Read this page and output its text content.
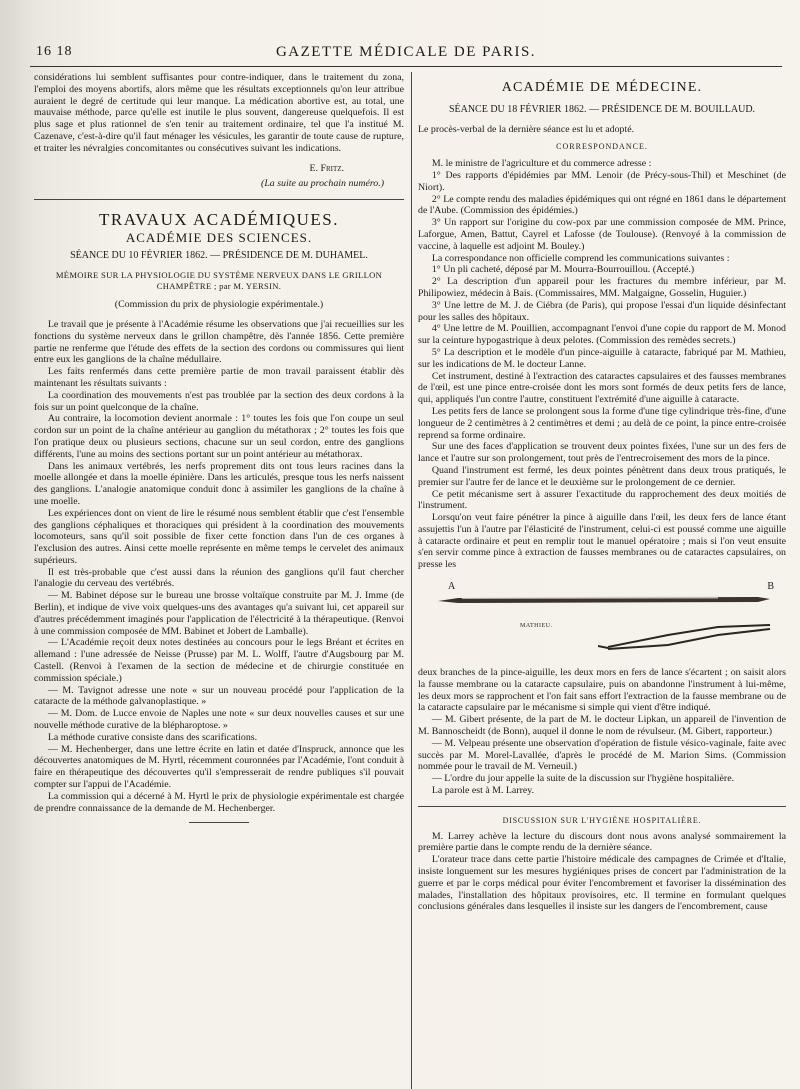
16 18	GAZETTE MÉDICALE DE PARIS.

considérations lui semblent suffisantes pour contre-indiquer, dans le traitement du zona, l'emploi des moyens abortifs, alors même que les résultats exceptionnels qu'on leur attribue auraient le degré de certitude qui leur manque. La médication abortive est, au total, une mauvaise méthode, parce qu'elle est inutile le plus souvent, dangereuse quelquefois. Il est plus sage et plus rationnel de s'en tenir au traitement ordinaire, tel que l'a institué M. Cazenave, c'est-à-dire qu'il faut ménager les vésicules, les garantir de toute cause de rupture, et traiter les névralgies concomitantes ou consécutives suivant les indications.

E. Fritz.

(La suite au prochain numéro.)

TRAVAUX ACADÉMIQUES.
ACADÉMIE DES SCIENCES.
SÉANCE DU 10 FÉVRIER 1862. — PRÉSIDENCE DE M. DUHAMEL.
MÉMOIRE SUR LA PHYSIOLOGIE DU SYSTÈME NERVEUX DANS LE GRILLON CHAMPÊTRE ; par M. YERSIN.
(Commission du prix de physiologie expérimentale.)

Le travail que je présente à l'Académie résume les observations que j'ai recueillies sur les fonctions du système nerveux dans le grillon champêtre, dès l'année 1856. Cette première partie ne renferme que l'étude des effets de la section des cordons ou commissures qui lient entre eux les ganglions de la chaîne médullaire.

Les faits renfermés dans cette première partie de mon travail paraissent établir dès maintenant les résultats suivants :

La coordination des mouvements n'est pas troublée par la section des deux cordons à la fois sur un point quelconque de la chaîne.

Au contraire, la locomotion devient anormale : 1° toutes les fois que l'on coupe un seul cordon sur un point de la chaîne antérieur au ganglion du métathorax ; 2° toutes les fois que l'on pratique deux ou plusieurs sections, chacune sur un seul cordon, entre des ganglions différents, l'une au moins des sections portant sur un point antérieur au métathorax.

Dans les animaux vertébrés, les nerfs proprement dits ont tous leurs racines dans la moelle allongée et dans la moelle épinière. Dans les articulés, presque tous les nerfs naissent des ganglions. L'analogie anatomique conduit donc à assimiler les ganglions de la chaîne à une moelle.

Les expériences dont on vient de lire le résumé nous semblent établir que c'est l'ensemble des ganglions céphaliques et thoraciques qui président à la coordination des mouvements locomoteurs, sans qu'il soit possible de fixer cette fonction dans l'un de ces organes à l'exclusion des autres. Ainsi cette moelle représente en même temps le cervelet des animaux supérieurs.

Il est très-probable que c'est aussi dans la réunion des ganglions qu'il faut chercher l'analogie du cerveau des vertébrés.

— M. Babinet dépose sur le bureau une brosse voltaïque construite par M. J. Imme (de Berlin), et indique de vive voix quelques-uns des avantages qu'a suivant lui, cet appareil sur d'autres précédemment imaginés pour l'application de l'électricité à la thérapeutique. (Renvoi à une commission composée de MM. Babinet et Jobert de Lamballe).

— L'Académie reçoit deux notes destinées au concours pour le legs Bréant et écrites en allemand : l'une adressée de Neisse (Prusse) par M. L. Wolff, l'autre d'Augsbourg par M. Castell. (Renvoi à l'examen de la section de médecine et de chirurgie constituée en commission spéciale.)

— M. Tavignot adresse une note « sur un nouveau procédé pour l'application de la cataracte de la méthode galvanoplastique. »

— M. Dom. de Lucce envoie de Naples une note « sur deux nouvelles causes et sur une nouvelle méthode curative de la blépharoptose. »

La méthode curative consiste dans des scarifications.

— M. Hechenberger, dans une lettre écrite en latin et datée d'Inspruck, annonce que les découvertes anatomiques de M. Hyrtl, récemment couronnées par l'Académie, l'ont conduit à faire en thérapeutique des découvertes qu'il s'empresserait de rendre publiques s'il pouvait compter sur l'appui de l'Académie.

La commission qui a décerné à M. Hyrtl le prix de physiologie expérimentale est chargée de prendre connaissance de la demande de M. Hechenberger.

ACADÉMIE DE MÉDECINE.
SÉANCE DU 18 FÉVRIER 1862. — PRÉSIDENCE DE M. BOUILLAUD.

Le procès-verbal de la dernière séance est lu et adopté.

CORRESPONDANCE.

M. le ministre de l'agriculture et du commerce adresse :

1° Des rapports d'épidémies par MM. Lenoir (de Précy-sous-Thil) et Meschinet (de Niort).

2° Le compte rendu des maladies épidémiques qui ont régné en 1861 dans le département de l'Aube. (Commission des épidémies.)

3° Un rapport sur l'origine du cow-pox par une commission composée de MM. Prince, Laforgue, Amen, Battut, Cayrel et Lafosse (de Toulouse). (Renvoyé à la commission de vaccine, à laquelle est adjoint M. Bouley.)

La correspondance non officielle comprend les communications suivantes :

1° Un pli cacheté, déposé par M. Mourra-Bourrouillou. (Accepté.)

2° La description d'un appareil pour les fractures du membre inférieur, par M. Philipowiez, médecin à Bais. (Commissaires, MM. Malgaigne, Gosselin, Huguier.)

3° Une lettre de M. J. de Ciébra (de Paris), qui propose l'essai d'un liquide désinfectant pour les salles des hôpitaux.

4° Une lettre de M. Pouillien, accompagnant l'envoi d'une copie du rapport de M. Monod sur la ceinture hypogastrique à deux pelotes. (Commission des remèdes secrets.)

5° La description et le modèle d'un pince-aiguille à cataracte, fabriqué par M. Mathieu, sur les indications de M. le docteur Lanne.

Cet instrument, destiné à l'extraction des cataractes capsulaires et des fausses membranes de l'œil, est une pince entre-croisée dont les mors sont formés de deux petits fers de lance, qui, appliqués l'un contre l'autre, constituent l'extrémité d'une aiguille à cataracte.

Les petits fers de lance se prolongent sous la forme d'une tige cylindrique très-fine, d'une longueur de 2 centimètres à 2 centimètres et demi ; au delà de ce point, la pince entre-croisée reprend sa forme ordinaire.

Sur une des faces d'application se trouvent deux pointes fixées, l'une sur un des fers de lance et l'autre sur son prolongement, tout près de l'entrecroisement des mors de la pince.

Quand l'instrument est fermé, les deux pointes pénètrent dans deux trous pratiqués, le premier sur l'autre fer de lance et le deuxième sur le prolongement de ce dernier.

Ce petit mécanisme sert à assurer l'exactitude du rapprochement des deux moitiés de l'instrument.

Lorsqu'on veut faire pénétrer la pince à aiguille dans l'œil, les deux fers de lance étant assujettis l'un à l'autre par l'élasticité de l'instrument, celui-ci est poussé comme une aiguille à cataracte ordinaire et peut en remplir tout le manuel opératoire ; mais si l'on veut ensuite s'en servir comme pince à extraction de fausses membranes ou de cataractes capsulaires, on presse les

A	B
MATHIEU.

deux branches de la pince-aiguille, les deux mors en fers de lance s'écartent ; on saisit alors la fausse membrane ou la cataracte capsulaire, puis on abandonne l'instrument à lui-même, les deux mors se rapprochent et l'on fait sans effort l'extraction de la fausse membrane ou de la cataracte capsulaire par le mécanisme si simple qui vient d'être indiqué.

— M. Gibert présente, de la part de M. le docteur Lipkan, un appareil de l'invention de M. Bannoscheidt (de Bonn), auquel il donne le nom de révulseur. (M. Gibert, rapporteur.)

— M. Velpeau présente une observation d'opération de fistule vésico-vaginale, faite avec succès par M. Morel-Lavallée, d'après le procédé de M. Marion Sims. (Commission nommée pour le travail de M. Verneuil.)

— L'ordre du jour appelle la suite de la discussion sur l'hygiène hospitalière.

La parole est à M. Larrey.

DISCUSSION SUR L'HYGIÈNE HOSPITALIÈRE.

M. Larrey achève la lecture du discours dont nous avons analysé sommairement la première partie dans le compte rendu de la dernière séance.

L'orateur trace dans cette partie l'histoire médicale des campagnes de Crimée et d'Italie, insiste longuement sur les mesures hygiéniques prises de concert par l'administration de la guerre et par le corps médical pour éviter l'encombrement et favoriser la dissémination des malades, l'installation des hôpitaux provisoires, etc. Il termine en formulant quelques conclusions générales dans lesquelles il insiste sur les dangers de l'encombrement, cause
